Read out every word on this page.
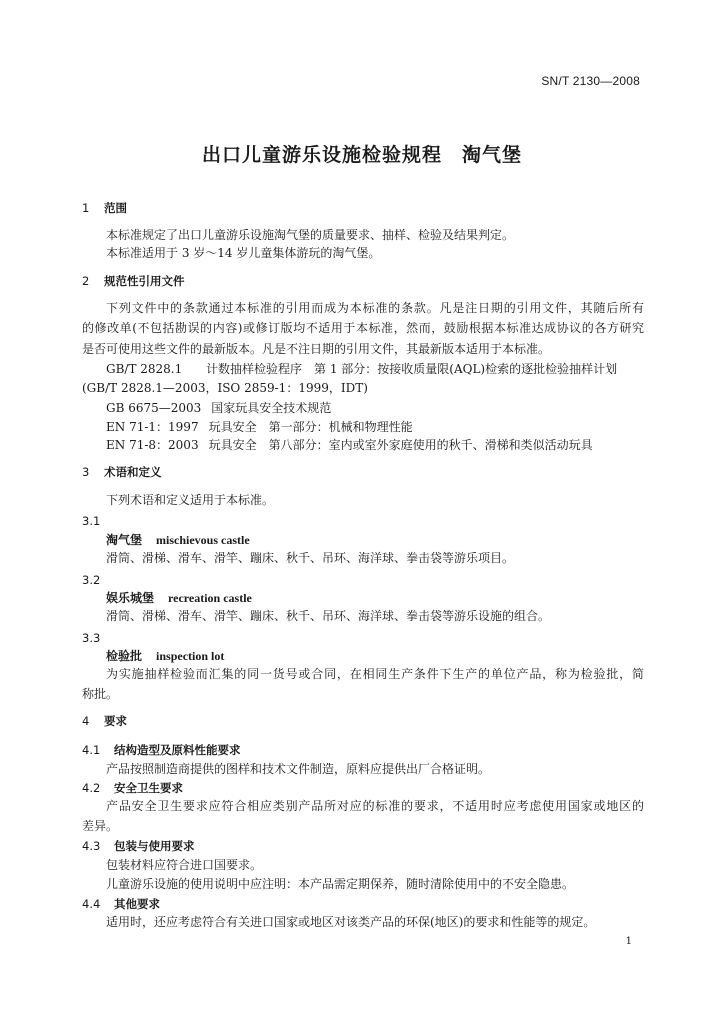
SN/T 2130—2008
出口儿童游乐设施检验规程　淘气堡
1 范围
本标准规定了出口儿童游乐设施淘气堡的质量要求、抽样、检验及结果判定。
本标准适用于 3 岁～14 岁儿童集体游玩的淘气堡。
2 规范性引用文件
下列文件中的条款通过本标准的引用而成为本标准的条款。凡是注日期的引用文件，其随后所有
的修改单(不包括勘误的内容)或修订版均不适用于本标准，然而，鼓励根据本标准达成协议的各方研究
是否可使用这些文件的最新版本。凡是不注日期的引用文件，其最新版本适用于本标准。
GB/T 2828.1 计数抽样检验程序　第 1 部分：按接收质量限(AQL)检索的逐批检验抽样计划
(GB/T 2828.1—2003，ISO 2859-1：1999，IDT)
GB 6675—2003 国家玩具安全技术规范
EN 71-1：1997 玩具安全　第一部分：机械和物理性能
EN 71-8：2003 玩具安全　第八部分：室内或室外家庭使用的秋千、滑梯和类似活动玩具
3 术语和定义
下列术语和定义适用于本标准。
3.1
淘气堡 mischievous castle
滑筒、滑梯、滑车、滑竿、蹦床、秋千、吊环、海洋球、拳击袋等游乐项目。
3.2
娱乐城堡 recreation castle
滑筒、滑梯、滑车、滑竿、蹦床、秋千、吊环、海洋球、拳击袋等游乐设施的组合。
3.3
检验批 inspection lot
为实施抽样检验而汇集的同一货号或合同，在相同生产条件下生产的单位产品，称为检验批，简
称批。
4 要求
4.1 结构造型及原料性能要求
产品按照制造商提供的图样和技术文件制造，原料应提供出厂合格证明。
4.2 安全卫生要求
产品安全卫生要求应符合相应类别产品所对应的标准的要求，不适用时应考虑使用国家或地区的
差异。
4.3 包装与使用要求
包装材料应符合进口国要求。
儿童游乐设施的使用说明中应注明：本产品需定期保养，随时清除使用中的不安全隐患。
4.4 其他要求
适用时，还应考虑符合有关进口国家或地区对该类产品的环保(地区)的要求和性能等的规定。
1
